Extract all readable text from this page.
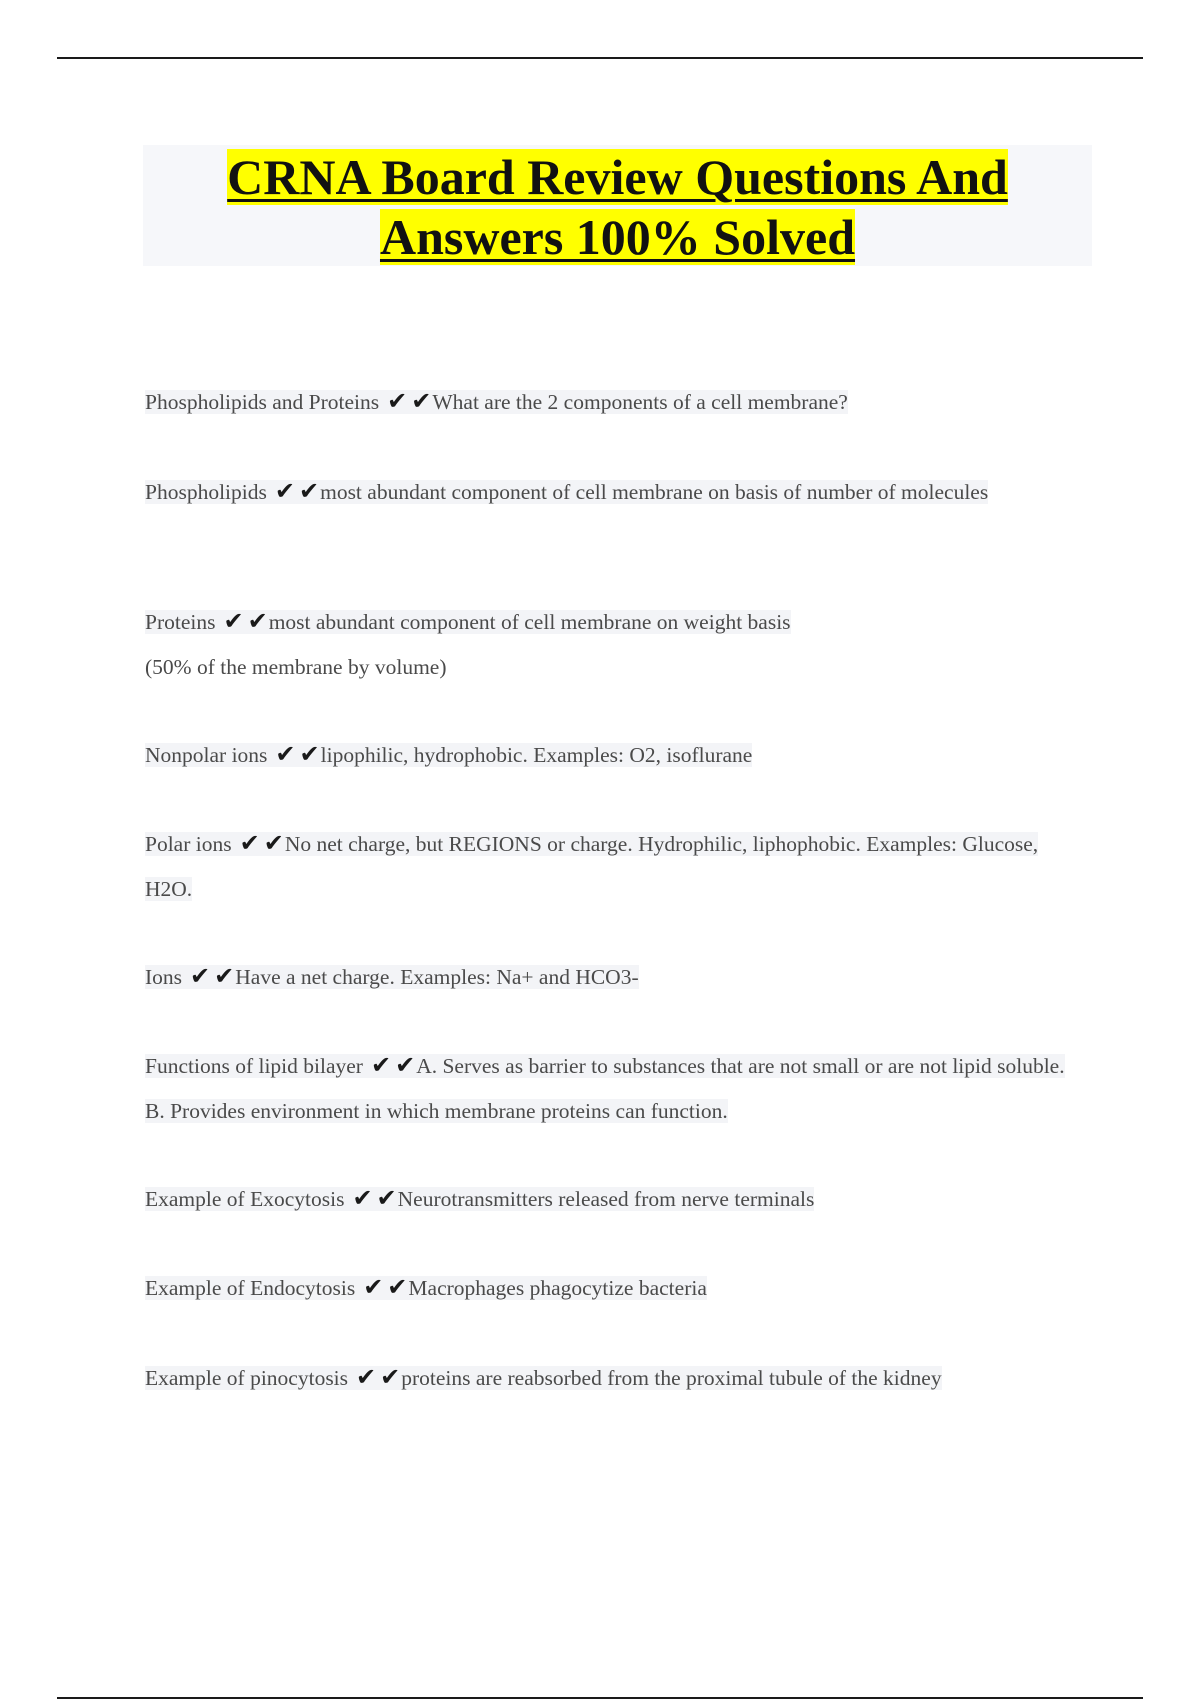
CRNA Board Review Questions And
Answers 100% Solved
Phospholipids and Proteins ✔ ✔What are the 2 components of a cell membrane?
Phospholipids ✔ ✔most abundant component of cell membrane on basis of number of molecules
Proteins ✔ ✔most abundant component of cell membrane on weight basis
(50% of the membrane by volume)
Nonpolar ions ✔ ✔lipophilic, hydrophobic. Examples: O2, isoflurane
Polar ions ✔ ✔No net charge, but REGIONS or charge. Hydrophilic, liphophobic. Examples: Glucose, H2O.
Ions ✔ ✔Have a net charge. Examples: Na+ and HCO3-
Functions of lipid bilayer ✔ ✔A. Serves as barrier to substances that are not small or are not lipid soluble. B. Provides environment in which membrane proteins can function.
Example of Exocytosis ✔ ✔Neurotransmitters released from nerve terminals
Example of Endocytosis ✔ ✔Macrophages phagocytize bacteria
Example of pinocytosis ✔ ✔proteins are reabsorbed from the proximal tubule of the kidney
